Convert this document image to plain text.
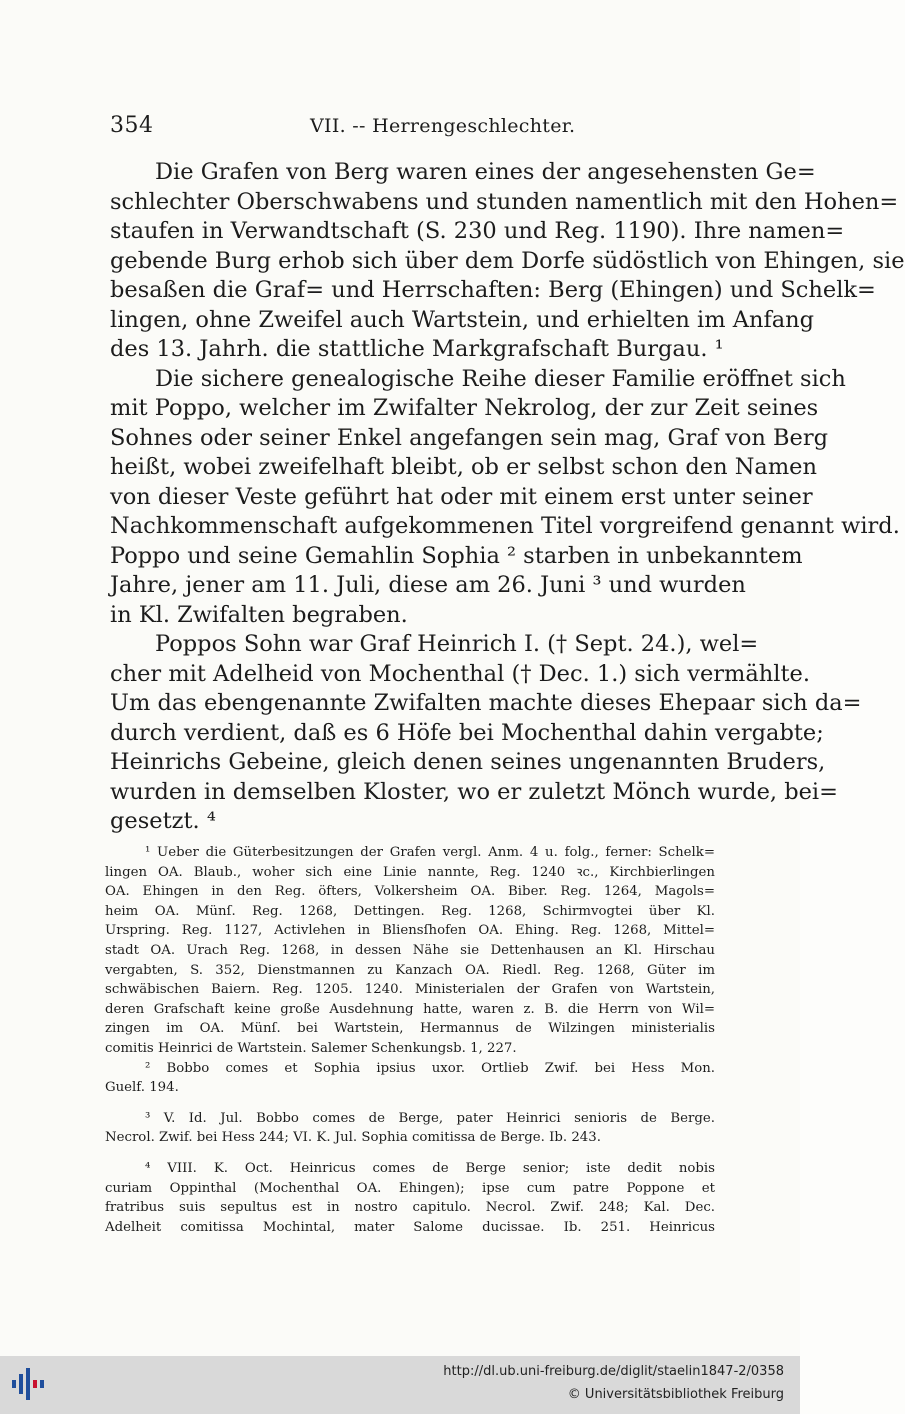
354	VII. -- Herrengeschlechter.
Die Grafen von Berg waren eines der angesehensten Ge=
schlechter Oberschwabens und stunden namentlich mit den Hohen=
staufen in Verwandtschaft (S. 230 und Reg. 1190). Ihre namen=
gebende Burg erhob sich über dem Dorfe südöstlich von Ehingen, sie
besaßen die Graf= und Herrschaften: Berg (Ehingen) und Schelk=
lingen, ohne Zweifel auch Wartstein, und erhielten im Anfang
des 13. Jahrh. die stattliche Markgrafschaft Burgau. ¹
Die sichere genealogische Reihe dieser Familie eröffnet sich
mit Poppo, welcher im Zwifalter Nekrolog, der zur Zeit seines
Sohnes oder seiner Enkel angefangen sein mag, Graf von Berg
heißt, wobei zweifelhaft bleibt, ob er selbst schon den Namen
von dieser Veste geführt hat oder mit einem erst unter seiner
Nachkommenschaft aufgekommenen Titel vorgreifend genannt wird.
Poppo und seine Gemahlin Sophia ² starben in unbekanntem
Jahre, jener am 11. Juli, diese am 26. Juni ³ und wurden
in Kl. Zwifalten begraben.
Poppos Sohn war Graf Heinrich I. († Sept. 24.), wel=
cher mit Adelheid von Mochenthal († Dec. 1.) sich vermählte.
Um das ebengenannte Zwifalten machte dieses Ehepaar sich da=
durch verdient, daß es 6 Höfe bei Mochenthal dahin vergabte;
Heinrichs Gebeine, gleich denen seines ungenannten Bruders,
wurden in demselben Kloster, wo er zuletzt Mönch wurde, bei=
gesetzt. ⁴
¹ Ueber die Güterbesitzungen der Grafen vergl. Anm. 4 u. folg., ferner: Schelk=
lingen OA. Blaub., woher sich eine Linie nannte, Reg. 1240 ꝛc., Kirchbierlingen
OA. Ehingen in den Reg. öfters, Volkersheim OA. Biber. Reg. 1264, Magols=
heim OA. Münſ. Reg. 1268, Dettingen. Reg. 1268, Schirmvogtei über Kl.
Urspring. Reg. 1127, Activlehen in Bliensſhofen OA. Ehing. Reg. 1268, Mittel=
stadt OA. Urach Reg. 1268, in dessen Nähe sie Dettenhausen an Kl. Hirschau
vergabten, S. 352, Dienstmannen zu Kanzach OA. Riedl. Reg. 1268, Güter im
schwäbischen Baiern. Reg. 1205. 1240. Ministerialen der Grafen von Wartstein,
deren Grafschaft keine große Ausdehnung hatte, waren z. B. die Herrn von Wil=
zingen im OA. Münſ. bei Wartstein, Hermannus de Wilzingen ministerialis
comitis Heinrici de Wartstein. Salemer Schenkungsb. 1, 227.
² Bobbo comes et Sophia ipsius uxor. Ortlieb Zwif. bei Hess Mon.
Guelf. 194.
³ V. Id. Jul. Bobbo comes de Berge, pater Heinrici senioris de Berge.
Necrol. Zwif. bei Hess 244; VI. K. Jul. Sophia comitissa de Berge. Ib. 243.
⁴ VIII. K. Oct. Heinricus comes de Berge senior; iste dedit nobis
curiam Oppinthal (Mochenthal OA. Ehingen); ipse cum patre Poppone et
fratribus suis sepultus est in nostro capitulo. Necrol. Zwif. 248; Kal. Dec.
Adelheit comitissa Mochintal, mater Salome ducissae. Ib. 251. Heinricus
http://dl.ub.uni-freiburg.de/diglit/staelin1847-2/0358
© Universitätsbibliothek Freiburg
